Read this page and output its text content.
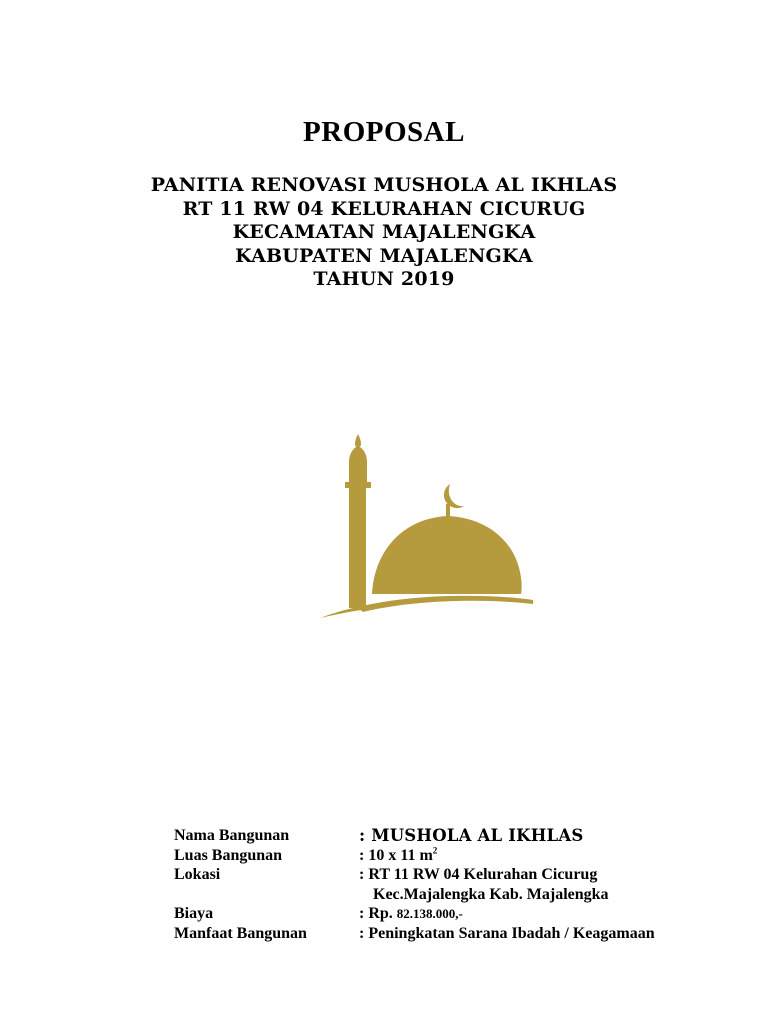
PROPOSAL
PANITIA RENOVASI MUSHOLA AL IKHLAS
RT 11 RW 04 KELURAHAN CICURUG
KECAMATAN MAJALENGKA
KABUPATEN MAJALENGKA
TAHUN 2019
Nama Bangunan	: MUSHOLA AL IKHLAS
Luas Bangunan	: 10 x 11 $m^2$
Lokasi	: RT 11 RW 04 Kelurahan Cicurug
Kec.Majalengka Kab. Majalengka
Biaya	: Rp. 82.138.000,-
Manfaat Bangunan	: Peningkatan Sarana Ibadah / Keagamaan
